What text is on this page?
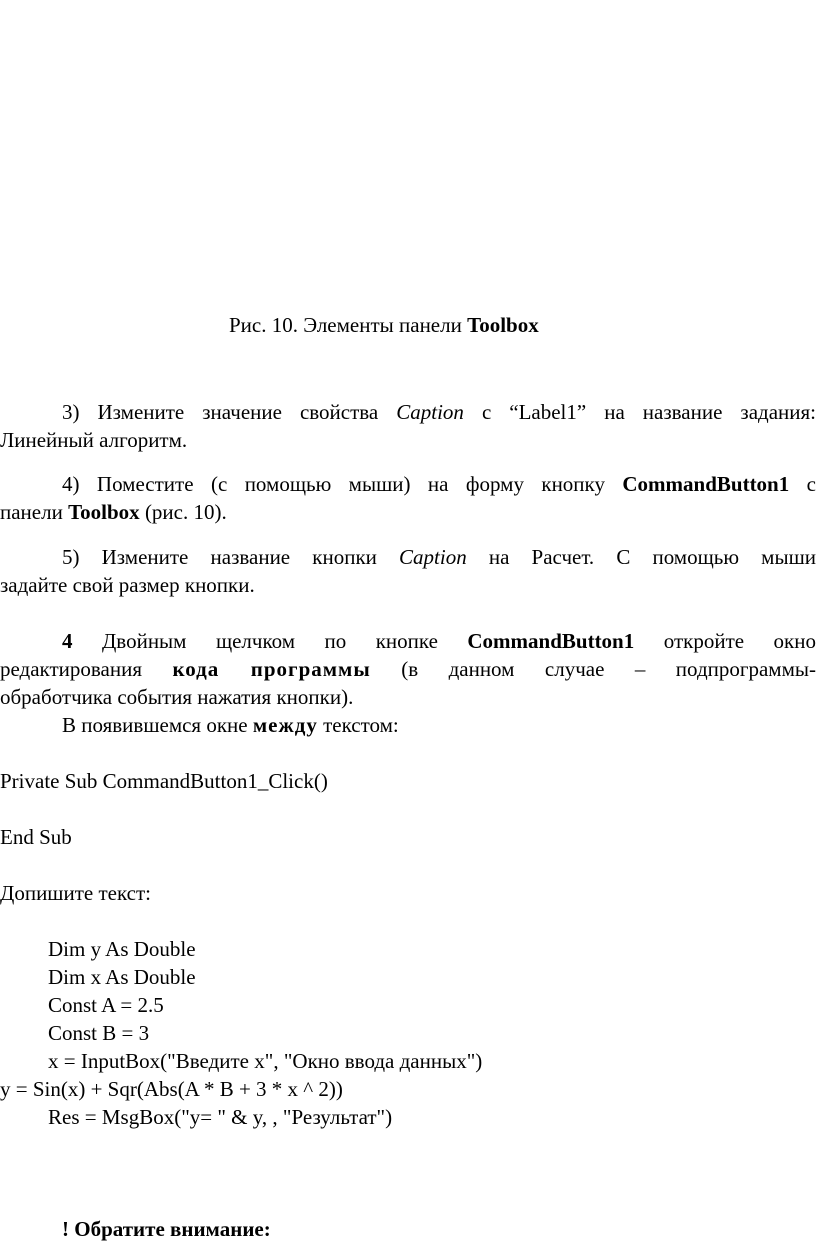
Рис. 10. Элементы панели Toolbox
3) Измените значение свойства Caption с “Label1” на название задания:
Линейный алгоритм.
4) Поместите (с помощью мыши) на форму кнопку CommandButton1 с
панели Toolbox (рис. 10).
5) Измените название кнопки Caption на Расчет. С помощью мыши
задайте свой размер кнопки.
4 Двойным щелчком по кнопке CommandButton1 откройте окно
редактирования кода программы (в данном случае – подпрограммы-
обработчика события нажатия кнопки).
В появившемся окне между текстом:
Private Sub CommandButton1_Click()
End Sub
Допишите текст:
Dim y As Double
Dim x As Double
Const A = 2.5
Const B = 3
x = InputBox("Введите x", "Окно ввода данных")
y = Sin(x) + Sqr(Abs(A * B + 3 * x ^ 2))
Res = MsgBox("y= " & y, , "Результат")
! Обратите внимание:
